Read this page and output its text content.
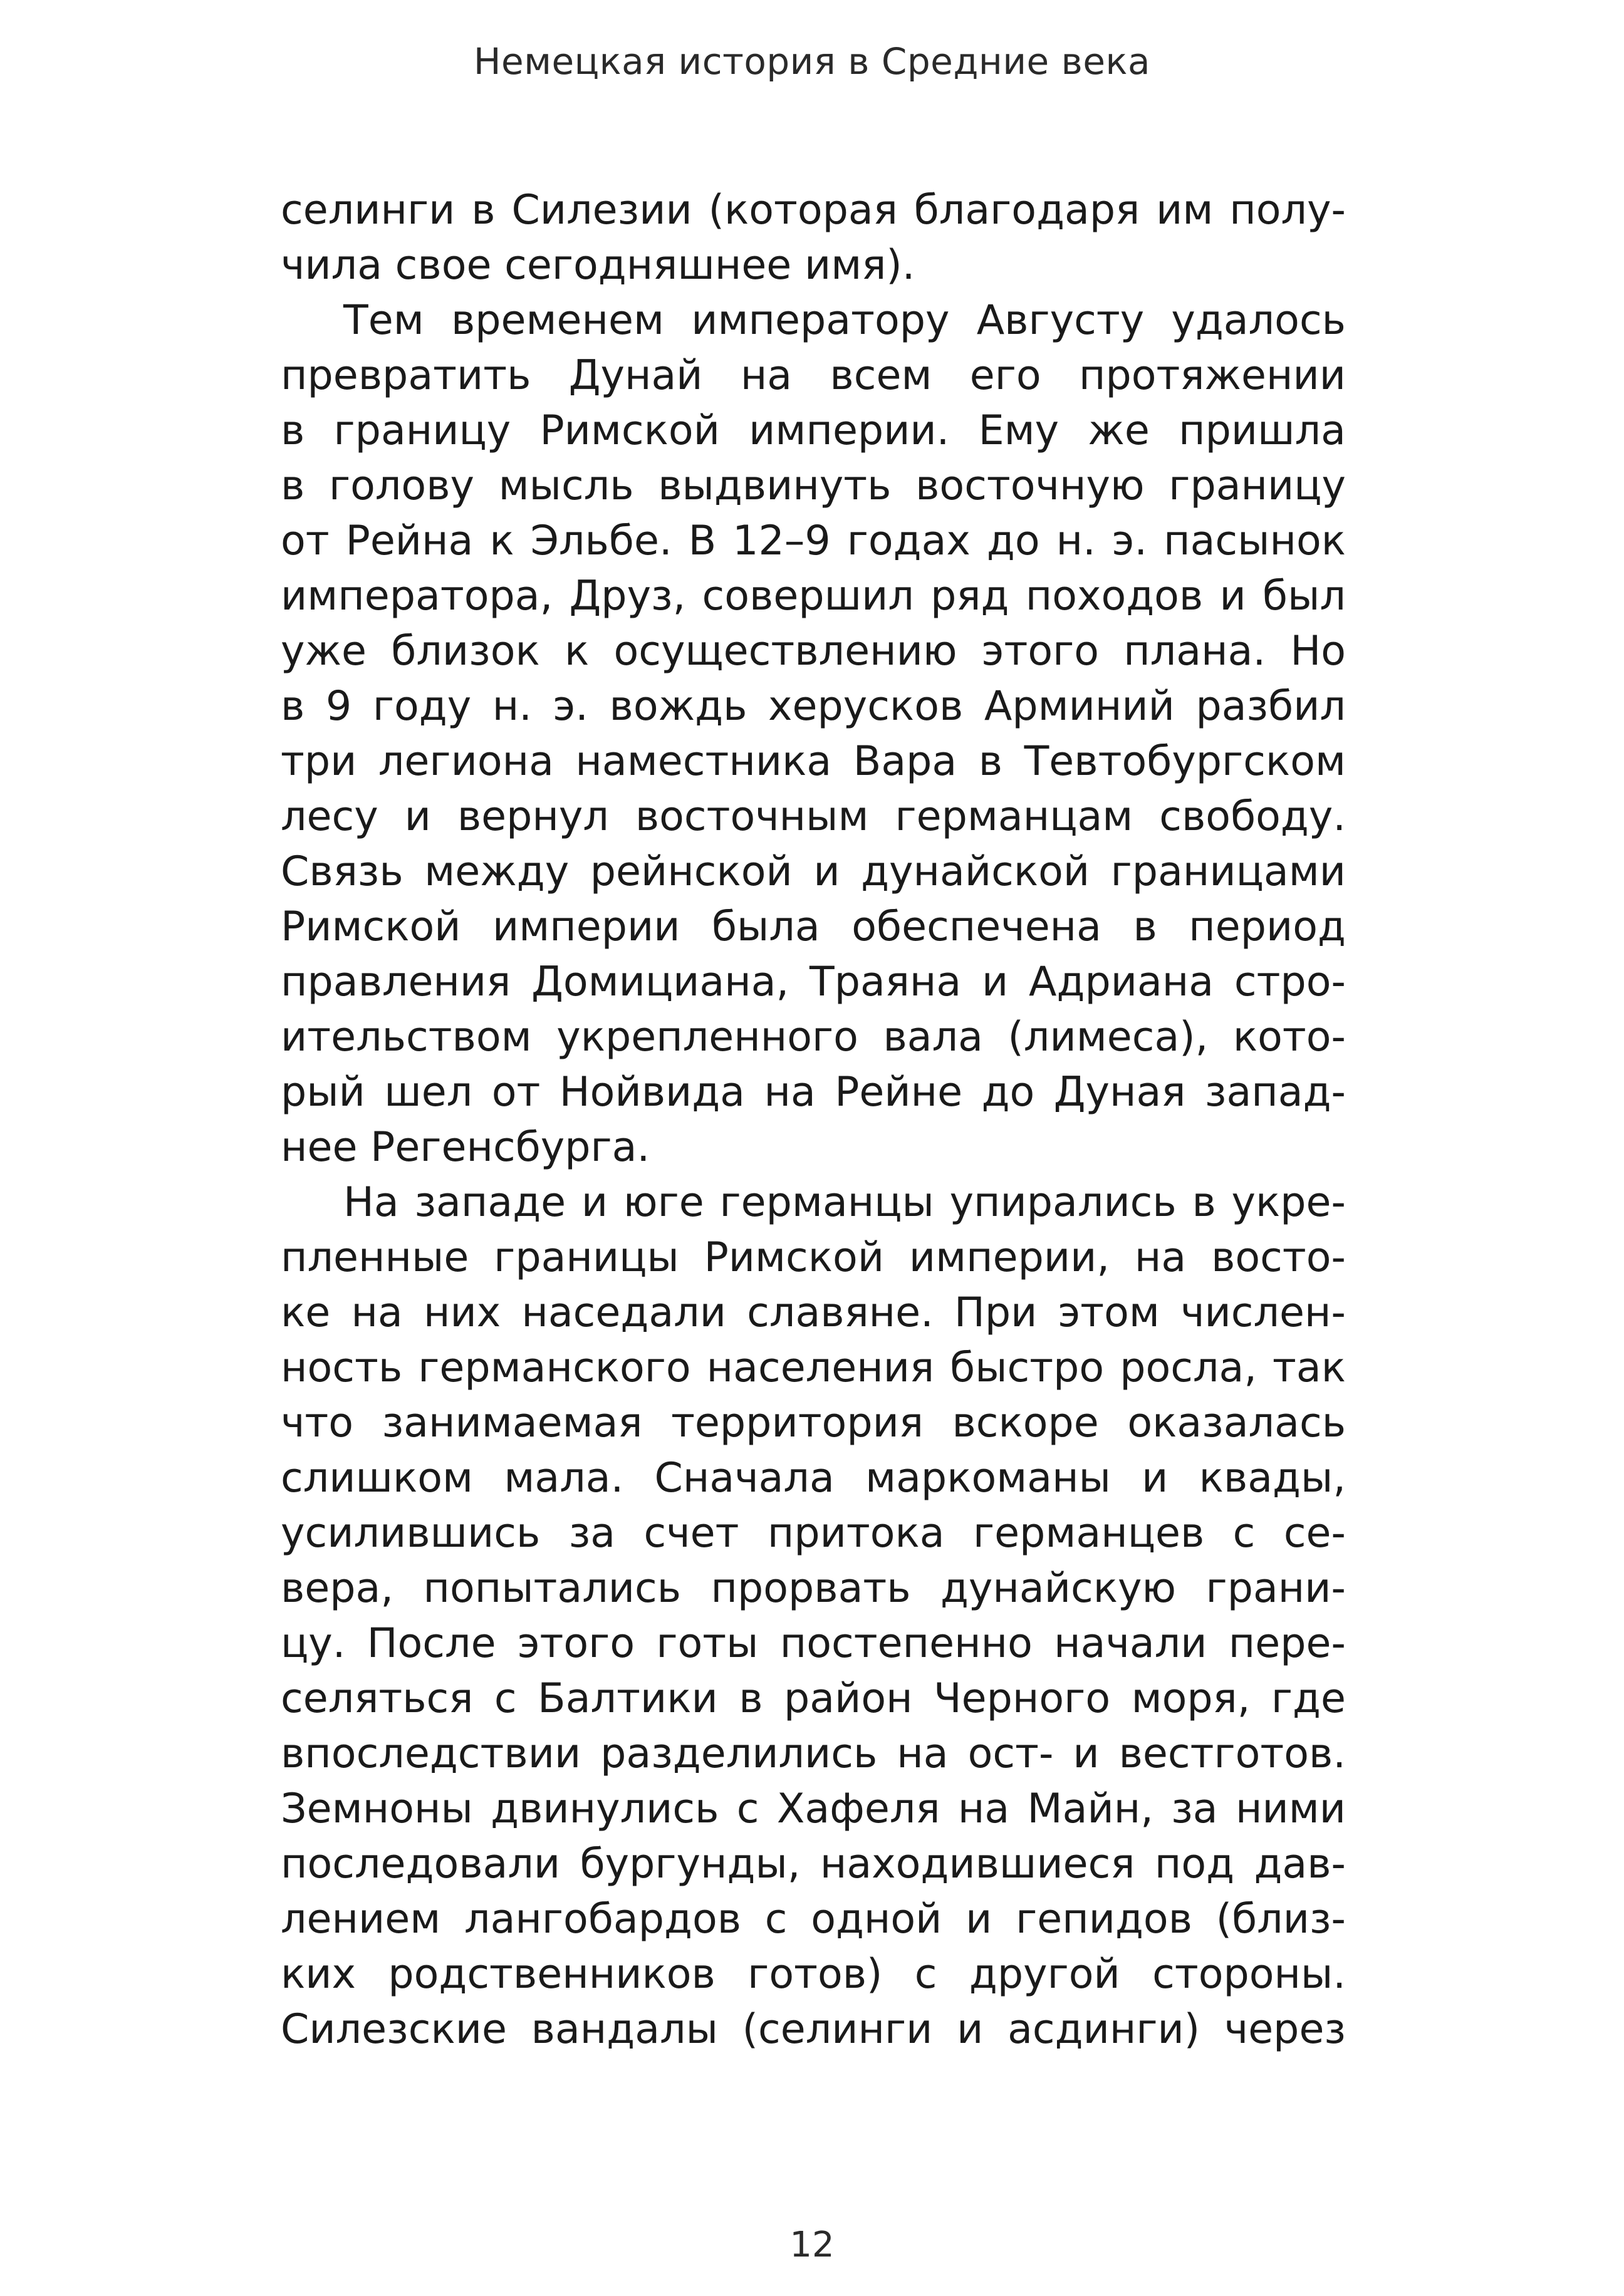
Немецкая история в Средние века
селинги в Силезии (которая благодаря им полу-
чила свое сегодняшнее имя).
Тем временем императору Августу удалось
превратить Дунай на всем его протяжении
в границу Римской империи. Ему же пришла
в голову мысль выдвинуть восточную границу
от Рейна к Эльбе. В 12–9 годах до н. э. пасынок
императора, Друз, совершил ряд походов и был
уже близок к осуществлению этого плана. Но
в 9 году н. э. вождь херусков Арминий разбил
три легиона наместника Вара в Тевтобургском
лесу и вернул восточным германцам свободу.
Связь между рейнской и дунайской границами
Римской империи была обеспечена в период
правления Домициана, Траяна и Адриана стро-
ительством укрепленного вала (лимеса), кото-
рый шел от Нойвида на Рейне до Дуная запад-
нее Регенсбурга.
На западе и юге германцы упирались в укре-
пленные границы Римской империи, на восто-
ке на них наседали славяне. При этом числен-
ность германского населения быстро росла, так
что занимаемая территория вскоре оказалась
слишком мала. Сначала маркоманы и квады,
усилившись за счет притока германцев с се-
вера, попытались прорвать дунайскую грани-
цу. После этого готы постепенно начали пере-
селяться с Балтики в район Черного моря, где
впоследствии разделились на ост- и вестготов.
Земноны двинулись с Хафеля на Майн, за ними
последовали бургунды, находившиеся под дав-
лением лангобардов с одной и гепидов (близ-
ких родственников готов) с другой стороны.
Силезские вандалы (селинги и асдинги) через
12
